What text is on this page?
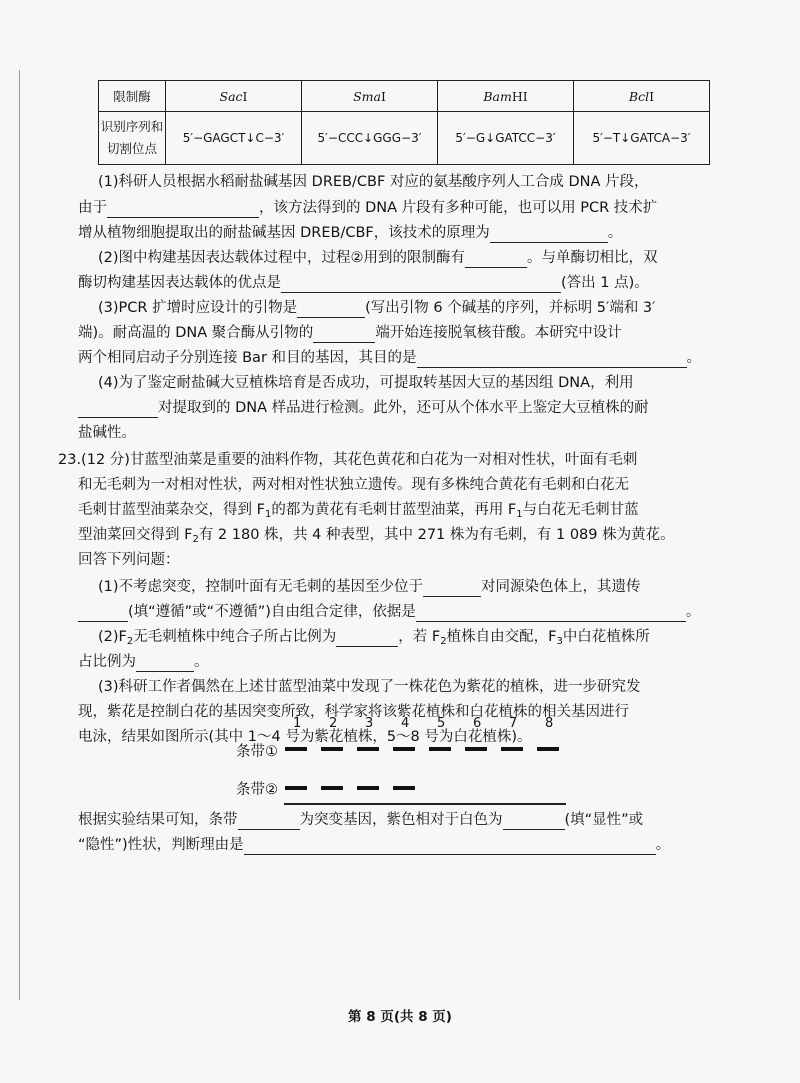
限制酶	SacI	SmaI	BamHI	BclI
识别序列和
切割位点	5′−GAGCT↓C−3′	5′−CCC↓GGG−3′	5′−G↓GATCC−3′	5′−T↓GATCA−3′
(1)科研人员根据水稻耐盐碱基因 DREB/CBF 对应的氨基酸序列人工合成 DNA 片段，
由于	，该方法得到的 DNA 片段有多种可能，也可以用 PCR 技术扩
增从植物细胞提取出的耐盐碱基因 DREB/CBF，该技术的原理为	。
(2)图中构建基因表达载体过程中，过程②用到的限制酶有	。与单酶切相比，双
酶切构建基因表达载体的优点是	(答出 1 点)。
(3)PCR 扩增时应设计的引物是	(写出引物 6 个碱基的序列，并标明 5′端和 3′
端)。耐高温的 DNA 聚合酶从引物的	端开始连接脱氧核苷酸。本研究中设计
两个相同启动子分别连接 Bar 和目的基因，其目的是	。
(4)为了鉴定耐盐碱大豆植株培育是否成功，可提取转基因大豆的基因组 DNA，利用
对提取到的 DNA 样品进行检测。此外，还可从个体水平上鉴定大豆植株的耐
盐碱性。
23.(12 分)甘蓝型油菜是重要的油料作物，其花色黄花和白花为一对相对性状，叶面有毛刺
和无毛刺为一对相对性状，两对相对性状独立遗传。现有多株纯合黄花有毛刺和白花无
毛刺甘蓝型油菜杂交，得到 $F_1$的都为黄花有毛刺甘蓝型油菜，再用 $F_1$与白花无毛刺甘蓝
型油菜回交得到 $F_2$有 2 180 株，共 4 种表型，其中 271 株为有毛刺，有 1 089 株为黄花。
回答下列问题：
(1)不考虑突变，控制叶面有无毛刺的基因至少位于	对同源染色体上，其遗传
(填“遵循”或“不遵循”)自由组合定律，依据是	。
$(2)F_2$无毛刺植株中纯合子所占比例为	，若 $F_2$植株自由交配，$F_3$中白花植株所
占比例为	。
(3)科研工作者偶然在上述甘蓝型油菜中发现了一株花色为紫花的植株，进一步研究发
现，紫花是控制白花的基因突变所致，科学家将该紫花植株和白花植株的相关基因进行
电泳，结果如图所示(其中 1～4 号为紫花植株，5～8 号为白花植株)。
条带①
条带②
1 2 3 4 5 6 7 8
根据实验结果可知，条带	为突变基因，紫色相对于白色为	(填“显性”或
“隐性”)性状，判断理由是	。
第 8 页(共 8 页)
